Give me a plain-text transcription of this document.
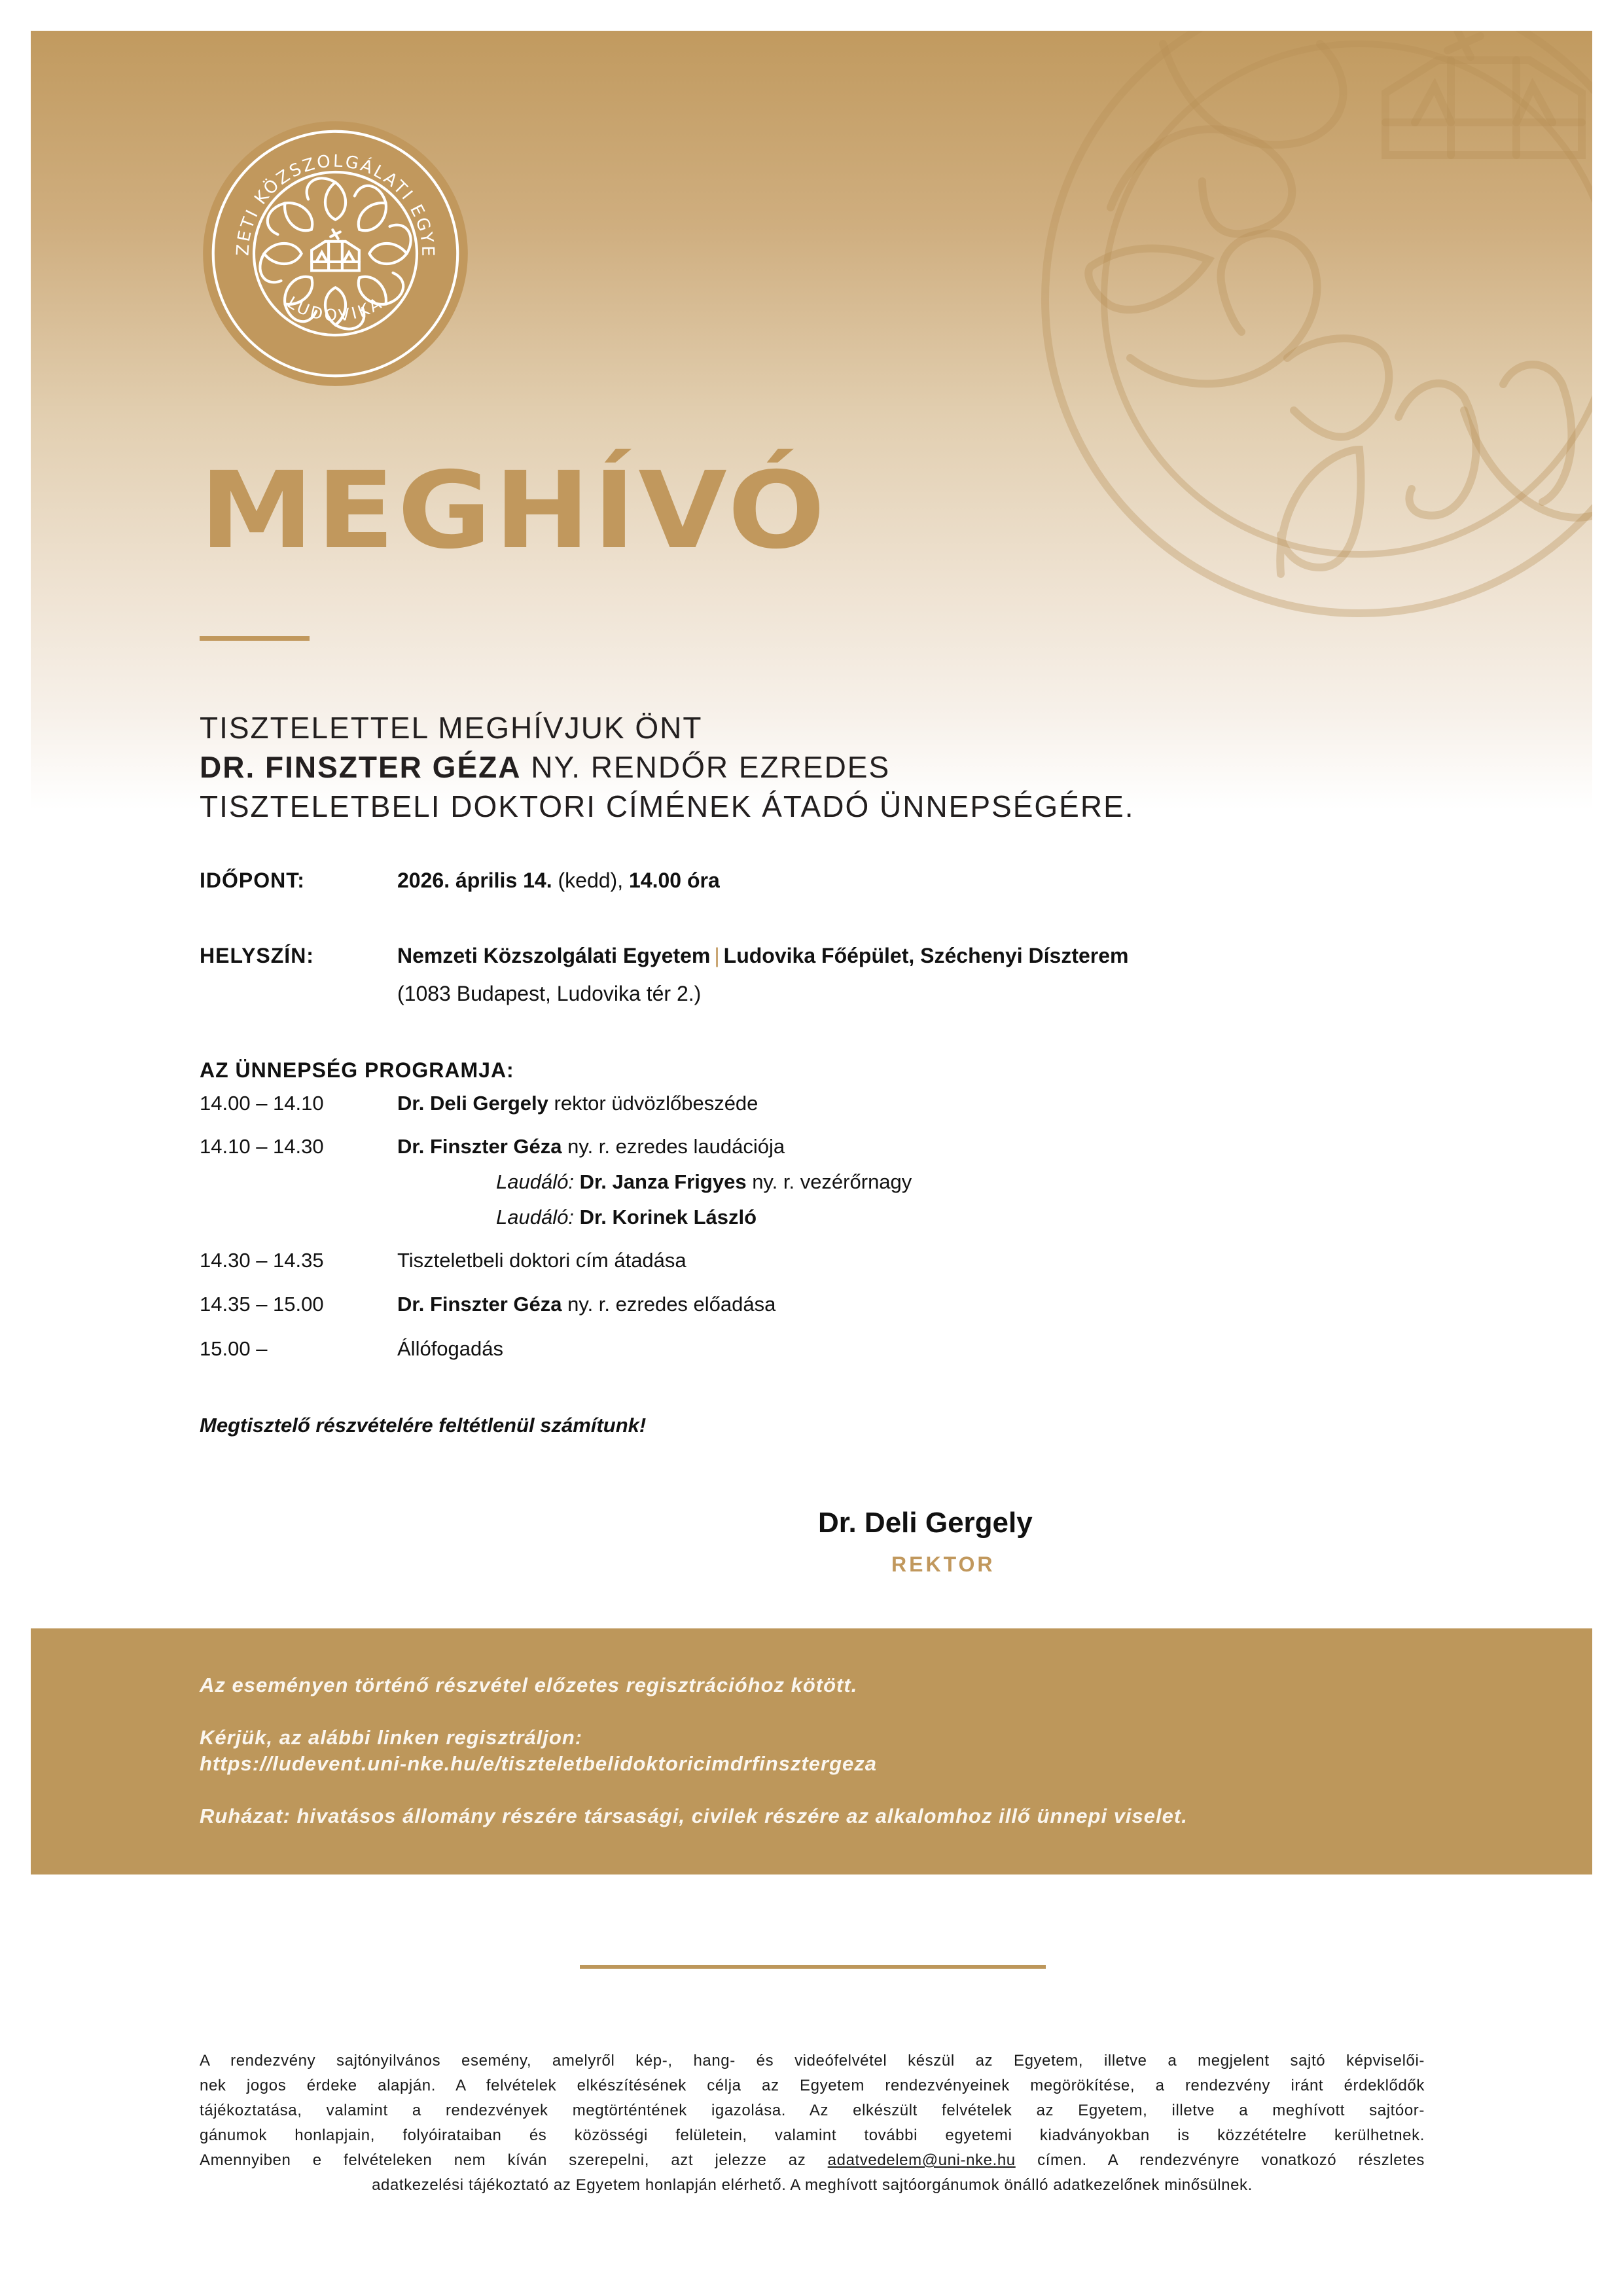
ZETI KÖZSZOLGÁLATI EGYE
LUDOVIKA
MEGHÍVÓ
TISZTELETTEL MEGHÍVJUK ÖNT
DR. FINSZTER GÉZA NY. RENDŐR EZREDES
TISZTELETBELI DOKTORI CÍMÉNEK ÁTADÓ ÜNNEPSÉGÉRE.
IDŐPONT:	2026. április 14. (kedd), 14.00 óra
HELYSZÍN:	Nemzeti Közszolgálati Egyetem | Ludovika Főépület, Széchenyi Díszterem
(1083 Budapest, Ludovika tér 2.)
AZ ÜNNEPSÉG PROGRAMJA:
14.00 – 14.10	Dr. Deli Gergely rektor üdvözlőbeszéde
14.10 – 14.30	Dr. Finszter Géza ny. r. ezredes laudációja
Laudáló: Dr. Janza Frigyes ny. r. vezérőrnagy
Laudáló: Dr. Korinek László
14.30 – 14.35	Tiszteletbeli doktori cím átadása
14.35 – 15.00	Dr. Finszter Géza ny. r. ezredes előadása
15.00 –	Állófogadás
Megtisztelő részvételére feltétlenül számítunk!
Dr. Deli Gergely
REKTOR

Az eseményen történő részvétel előzetes regisztrációhoz kötött.

Kérjük, az alábbi linken regisztráljon:

https://ludevent.uni-nke.hu/e/tiszteletbelidoktoricimdrfinsztergeza

Ruházat: hivatásos állomány részére társasági, civilek részére az alkalomhoz illő ünnepi viselet.

A rendezvény sajtónyilvános esemény, amelyről kép-, hang- és videófelvétel készül az Egyetem, illetve a megjelent sajtó képviselői-
nek jogos érdeke alapján. A felvételek elkészítésének célja az Egyetem rendezvényeinek megörökítése, a rendezvény iránt érdeklődők
tájékoztatása, valamint a rendezvények megtörténtének igazolása. Az elkészült felvételek az Egyetem, illetve a meghívott sajtóor-
gánumok honlapjain, folyóirataiban és közösségi felületein, valamint további egyetemi kiadványokban is közzétételre kerülhetnek.
Amennyiben e felvételeken nem kíván szerepelni, azt jelezze az adatvedelem@uni-nke.hu címen. A rendezvényre vonatkozó részletes
adatkezelési tájékoztató az Egyetem honlapján elérhető. A meghívott sajtóorgánumok önálló adatkezelőnek minősülnek.
